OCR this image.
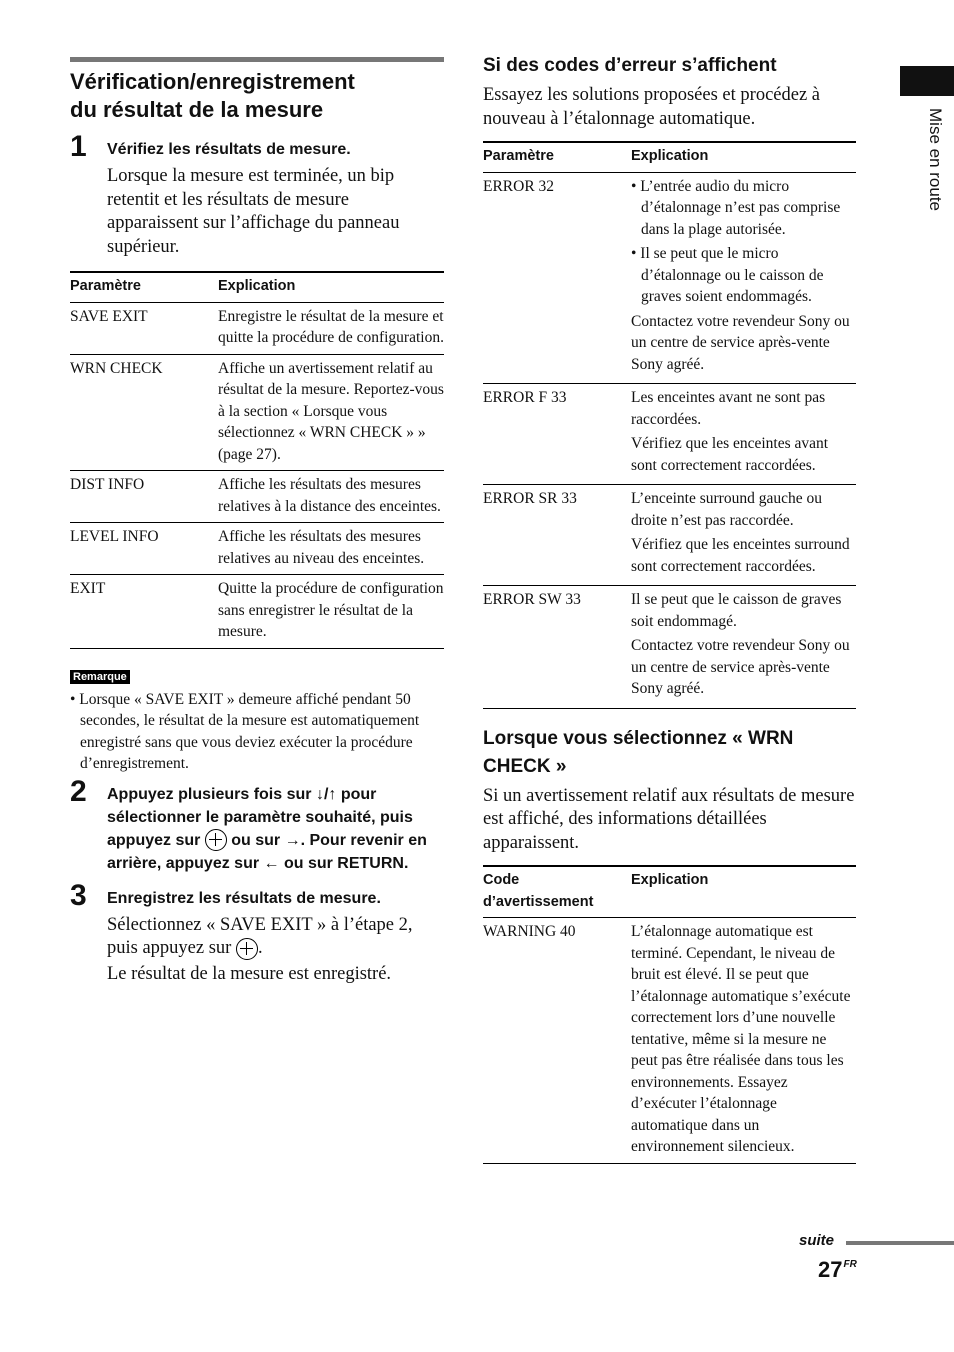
Vérification/enregistrement
du résultat de la mesure
1 Vérifiez les résultats de mesure.
Lorsque la mesure est terminée, un bip retentit et les résultats de mesure apparaissent sur l’affichage du panneau supérieur.
Paramètre	Explication
SAVE EXIT	Enregistre le résultat de la mesure et quitte la procédure de configuration.
WRN CHECK	Affiche un avertissement relatif au résultat de la mesure. Reportez-vous à la section « Lorsque vous sélectionnez « WRN CHECK » » (page 27).
DIST INFO	Affiche les résultats des mesures relatives à la distance des enceintes.
LEVEL INFO	Affiche les résultats des mesures relatives au niveau des enceintes.
EXIT	Quitte la procédure de configuration sans enregistrer le résultat de la mesure.
Remarque
• Lorsque « SAVE EXIT » demeure affiché pendant 50 secondes, le résultat de la mesure est automatiquement enregistré sans que vous deviez exécuter la procédure d’enregistrement.
2 Appuyez plusieurs fois sur ↓/↑ pour sélectionner le paramètre souhaité, puis appuyez sur  ou sur →. Pour revenir en arrière, appuyez sur ← ou sur RETURN.
3 Enregistrez les résultats de mesure.
Sélectionnez « SAVE EXIT » à l’étape 2, puis appuyez sur .
Le résultat de la mesure est enregistré.
Si des codes d’erreur s’affichent
Essayez les solutions proposées et procédez à nouveau à l’étalonnage automatique.
Paramètre	Explication
ERROR 32	• L’entrée audio du micro d’étalonnage n’est pas comprise dans la plage autorisée.

• Il se peut que le micro d’étalonnage ou le caisson de graves soient endommagés.

Contactez votre revendeur Sony ou un centre de service après-vente Sony agréé.

ERROR F 33	Les enceintes avant ne sont pas raccordées.

Vérifiez que les enceintes avant sont correctement raccordées.

ERROR SR 33	L’enceinte surround gauche ou droite n’est pas raccordée.

Vérifiez que les enceintes surround sont correctement raccordées.

ERROR SW 33	Il se peut que le caisson de graves soit endommagé.

Contactez votre revendeur Sony ou un centre de service après-vente Sony agréé.

Lorsque vous sélectionnez « WRN CHECK »
Si un avertissement relatif aux résultats de mesure est affiché, des informations détaillées apparaissent.
Code d’avertissement	Explication
WARNING 40	L’étalonnage automatique est terminé. Cependant, le niveau de bruit est élevé. Il se peut que l’étalonnage automatique s’exécute correctement lors d’une nouvelle tentative, même si la mesure ne peut pas être réalisée dans tous les environnements. Essayez d’exécuter l’étalonnage automatique dans un environnement silencieux.
Mise en route
suite
$27^{FR}$
